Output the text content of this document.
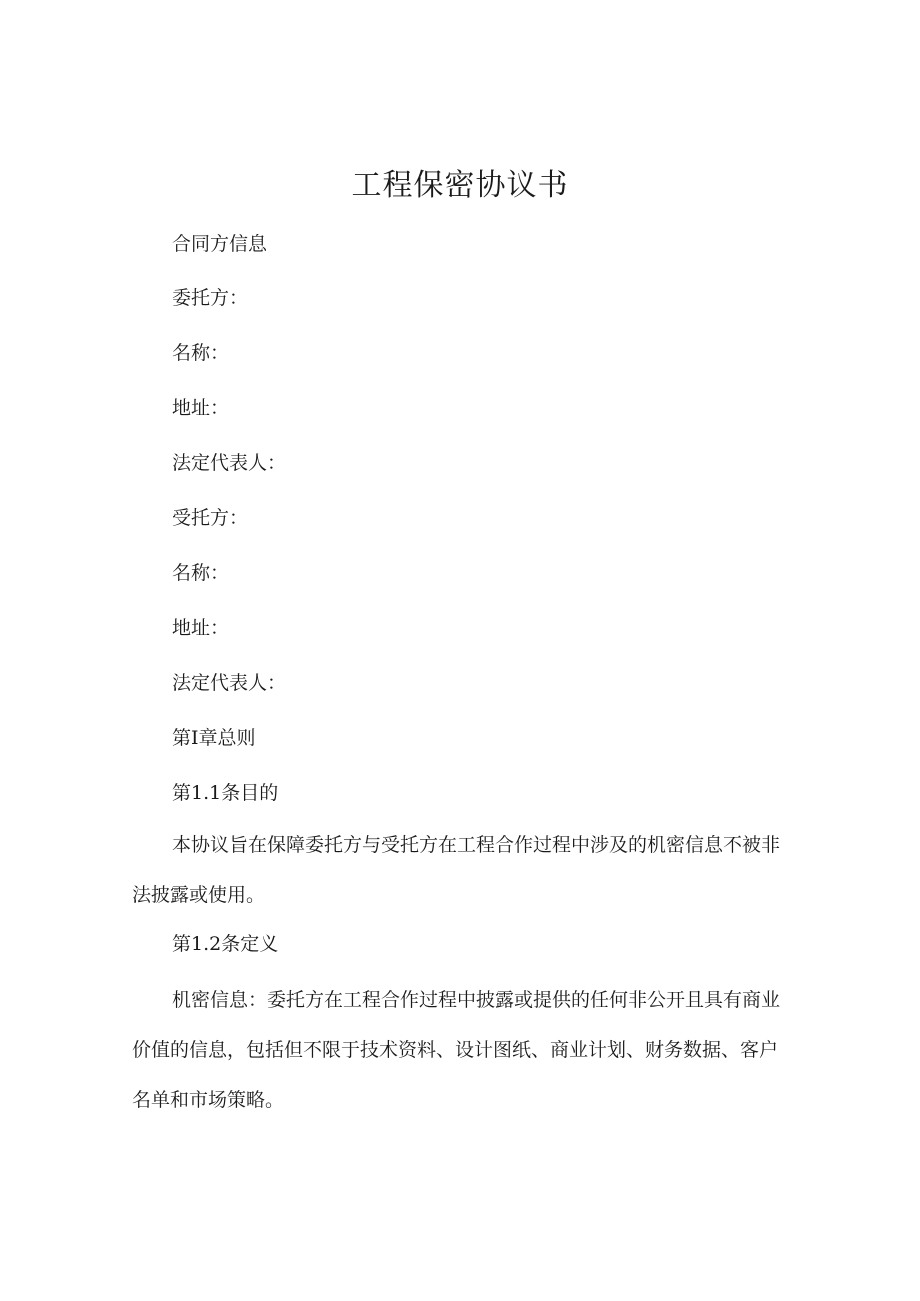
工程保密协议书
合同方信息
委托方：
名称：
地址：
法定代表人：
受托方：
名称：
地址：
法定代表人：
第I章总则
第1.1条目的

本协议旨在保障委托方与受托方在工程合作过程中涉及的机密信息不被非法披露或使用。

第1.2条定义

机密信息：委托方在工程合作过程中披露或提供的任何非公开且具有商业价值的信息，包括但不限于技术资料、设计图纸、商业计划、财务数据、客户名单和市场策略。
